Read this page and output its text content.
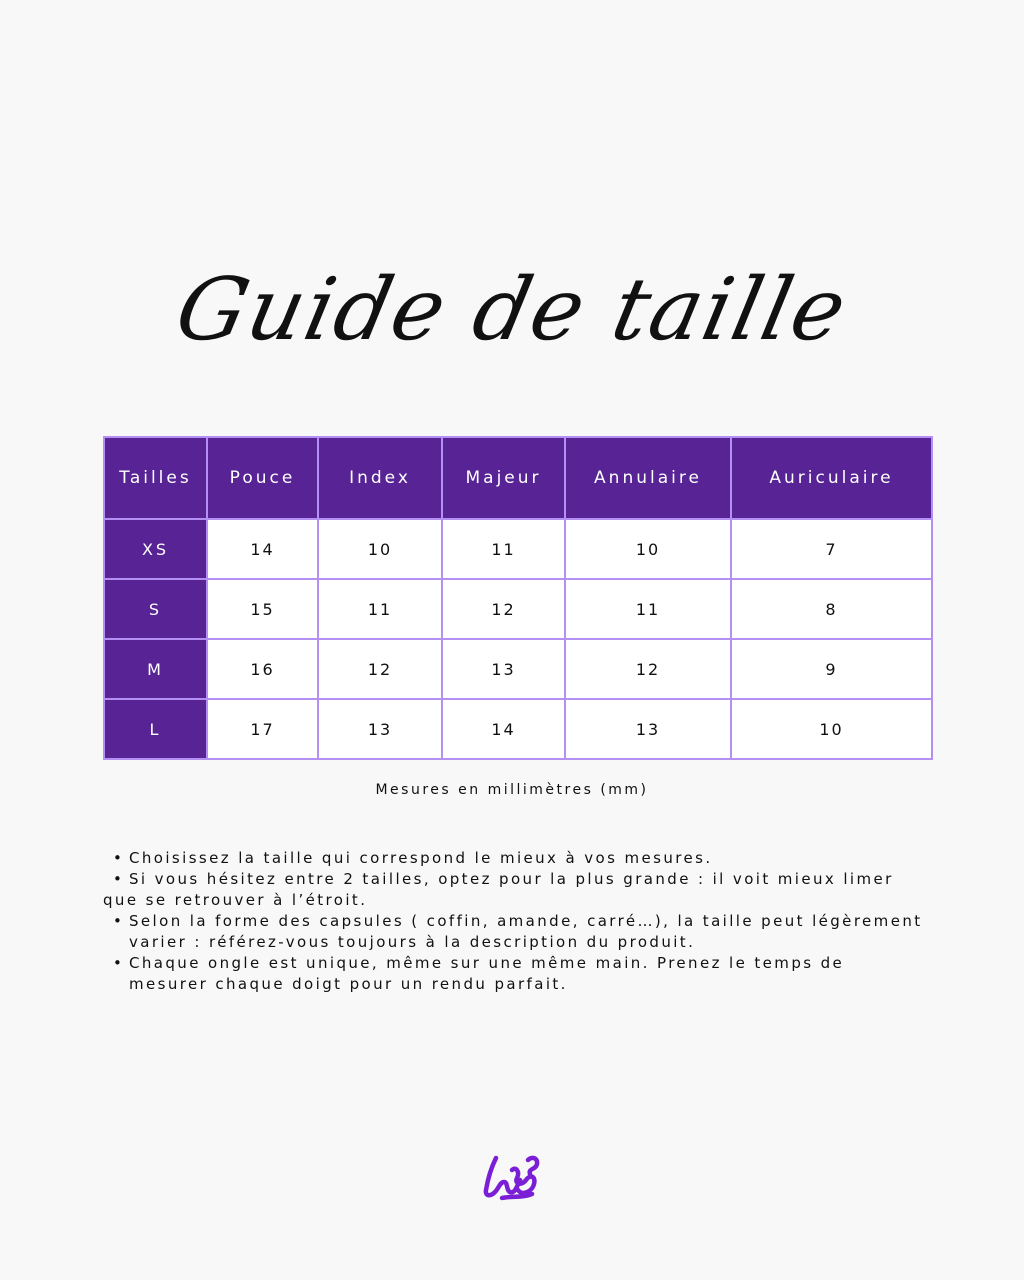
Guide de taille
Tailles	Pouce	Index	Majeur	Annulaire	Auriculaire
XS	14	10	11	10	7
S	15	11	12	11	8
M	16	12	13	12	9
L	17	13	14	13	10
Mesures en millimètres (mm)
• Choisissez la taille qui correspond le mieux à vos mesures.
• Si vous hésitez entre 2 tailles, optez pour la plus grande : il voit mieux limer
que se retrouver à l’étroit.
• Selon la forme des capsules ( coffin, amande, carré…), la taille peut légèrement varier : référez-vous toujours à la description du produit.
• Chaque ongle est unique, même sur une même main. Prenez le temps de mesurer chaque doigt pour un rendu parfait.
